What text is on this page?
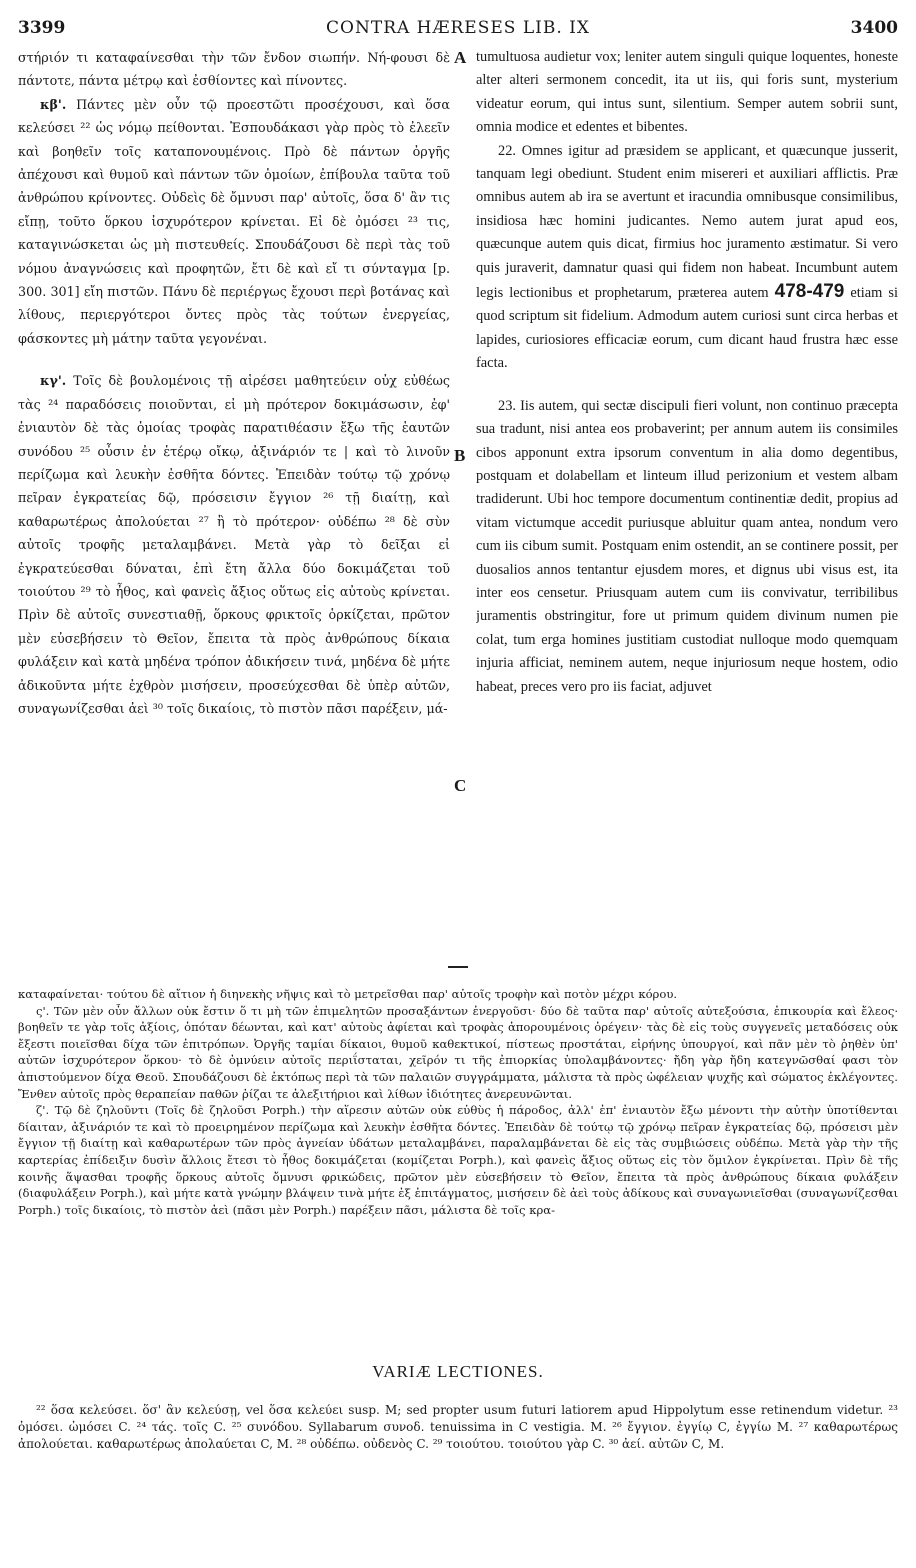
3399	CONTRA HÆRESES LIB. IX	3400

στήριόν τι καταφαίνεσθαι τὴν τῶν ἔνδον σιωπήν. Νή-φουσι δὲ πάντοτε, πάντα μέτρῳ καὶ ἐσθίοντες καὶ πίνοντες.

κβ'. Πάντες μὲν οὖν τῷ προεστῶτι προσέχουσι, καὶ ὅσα κελεύσει ²² ὡς νόμῳ πείθονται. Ἐσπουδάκασι γὰρ πρὸς τὸ ἐλεεῖν καὶ βοηθεῖν τοῖς καταπονουμένοις. Πρὸ δὲ πάντων ὀργῆς ἀπέχουσι καὶ θυμοῦ καὶ πάντων τῶν ὁμοίων, ἐπίβουλα ταῦτα τοῦ ἀνθρώπου κρίνοντες. Οὐδεὶς δὲ ὄμνυσι παρ' αὐτοῖς, ὅσα δ' ἂν τις εἴπῃ, τοῦτο ὅρκου ἰσχυρότερον κρίνεται. Εἰ δὲ ὀμόσει ²³ τις, καταγινώσκεται ὡς μὴ πιστευθείς. Σπουδάζουσι δὲ περὶ τὰς τοῦ νόμου ἀναγνώσεις καὶ προφητῶν, ἔτι δὲ καὶ εἴ τι σύνταγμα [p. 300. 301] εἴη πιστῶν. Πάνυ δὲ περιέργως ἔχουσι περὶ βοτάνας καὶ λίθους, περιεργότεροι ὄντες πρὸς τὰς τούτων ἐνεργείας, φάσκοντες μὴ μάτην ταῦτα γεγονέναι.

κγ'. Τοῖς δὲ βουλομένοις τῇ αἱρέσει μαθητεύειν οὐχ εὐθέως τὰς ²⁴ παραδόσεις ποιοῦνται, εἰ μὴ πρότερον δοκιμάσωσιν, ἐφ' ἐνιαυτὸν δὲ τὰς ὁμοίας τροφὰς παρατιθέασιν ἔξω τῆς ἑαυτῶν συνόδου ²⁵ οὖσιν ἐν ἑτέρῳ οἴκῳ, ἀξινάριόν τε | καὶ τὸ λινοῦν περίζωμα καὶ λευκὴν ἐσθῆτα δόντες. Ἐπειδὰν τούτῳ τῷ χρόνῳ πεῖραν ἐγκρατείας δῷ, πρόσεισιν ἔγγιον ²⁶ τῇ διαίτῃ, καὶ καθαρωτέρως ἀπολούεται ²⁷ ἢ τὸ πρότερον· οὐδέπω ²⁸ δὲ σὺν αὐτοῖς τροφῆς μεταλαμβάνει. Μετὰ γὰρ τὸ δεῖξαι εἰ ἐγκρατεύεσθαι δύναται, ἐπὶ ἔτη ἄλλα δύο δοκιμάζεται τοῦ τοιούτου ²⁹ τὸ ἦθος, καὶ φανεὶς ἄξιος οὕτως εἰς αὐτοὺς κρίνεται. Πρὶν δὲ αὐτοῖς συνεστιαθῇ, ὅρκους φρικτοῖς ὁρκίζεται, πρῶτον μὲν εὐσεβήσειν τὸ Θεῖον, ἔπειτα τὰ πρὸς ἀνθρώπους δίκαια φυλάξειν καὶ κατὰ μηδένα τρόπον ἀδικήσειν τινά, μηδένα δὲ μήτε ἀδικοῦντα μήτε ἐχθρὸν μισήσειν, προσεύχεσθαι δὲ ὑπὲρ αὐτῶν, συναγωνίζεσθαι ἀεὶ ³⁰ τοῖς δικαίοις, τὸ πιστὸν πᾶσι παρέξειν, μά-

tumultuosa audietur vox; leniter autem singuli quique loquentes, honeste alter alteri sermonem concedit, ita ut iis, qui foris sunt, mysterium videatur eorum, qui intus sunt, silentium. Semper autem sobrii sunt, omnia modice et edentes et bibentes.

22. Omnes igitur ad præsidem se applicant, et quæcunque jusserit, tanquam legi obediunt. Student enim misereri et auxiliari afflictis. Præ omnibus autem ab ira se avertunt et iracundia omnibusque consimilibus, insidiosa hæc homini judicantes. Nemo autem jurat apud eos, quæcunque autem quis dicat, firmius hoc juramento æstimatur. Si vero quis juraverit, damnatur quasi qui fidem non habeat. Incumbunt autem legis lectionibus et prophetarum, præterea autem 478-479 etiam si quod scriptum sit fidelium. Admodum autem curiosi sunt circa herbas et lapides, curiosiores efficaciæ eorum, cum dicant haud frustra hæc esse facta.

23. Iis autem, qui sectæ discipuli fieri volunt, non continuo præcepta sua tradunt, nisi antea eos probaverint; per annum autem iis consimiles cibos apponunt extra ipsorum conventum in alia domo degentibus, postquam et dolabellam et linteum illud perizonium et vestem albam tradiderunt. Ubi hoc tempore documentum continentiæ dedit, propius ad vitam victumque accedit puriusque abluitur quam antea, nondum vero cum iis cibum sumit. Postquam enim ostendit, an se continere possit, per duosalios annos tentantur ejusdem mores, et dignus ubi visus est, ita inter eos censetur. Priusquam autem cum iis convivatur, terribilibus juramentis obstringitur, fore ut primum quidem divinum numen pie colat, tum erga homines justitiam custodiat nulloque modo quemquam injuria afficiat, neminem autem, neque injuriosum neque hostem, odio habeat, preces vero pro iis faciat, adjuvet

A
B
C

καταφαίνεται· τούτου δὲ αἴτιον ἡ διηνεκὴς νῆψις καὶ τὸ μετρεῖσθαι παρ' αὐτοῖς τροφὴν καὶ ποτὸν μέχρι κόρου.

ς'. Τῶν μὲν οὖν ἄλλων οὐκ ἔστιν ὅ τι μὴ τῶν ἐπιμελητῶν προσαξάντων ἐνεργοῦσι· δύο δὲ ταῦτα παρ' αὐτοῖς αὐτεξούσια, ἐπικουρία καὶ ἔλεος· βοηθεῖν τε γὰρ τοῖς ἀξίοις, ὁπόταν δέωνται, καὶ κατ' αὐτοὺς ἀφίεται καὶ τροφὰς ἀπορουμένοις ὀρέγειν· τὰς δὲ εἰς τοὺς συγγενεῖς μεταδόσεις οὐκ ἔξεστι ποιεῖσθαι δίχα τῶν ἐπιτρόπων. Ὀργῆς ταμίαι δίκαιοι, θυμοῦ καθεκτικοί, πίστεως προστάται, εἰρήνης ὑπουργοί, καὶ πᾶν μὲν τὸ ῥηθὲν ὑπ' αὐτῶν ἰσχυρότερον ὅρκου· τὸ δὲ ὀμνύειν αὐτοῖς περιΐσταται, χεῖρόν τι τῆς ἐπιορκίας ὑπολαμβάνοντες· ἤδη γὰρ ἤδη κατεγνῶσθαί φασι τὸν ἀπιστούμενον δίχα Θεοῦ. Σπουδάζουσι δὲ ἐκτόπως περὶ τὰ τῶν παλαιῶν συγγράμματα, μάλιστα τὰ πρὸς ὠφέλειαν ψυχῆς καὶ σώματος ἐκλέγοντες. Ἔνθεν αὐτοῖς πρὸς θεραπείαν παθῶν ῥίζαι τε ἀλεξιτήριοι καὶ λίθων ἰδιότητες ἀνερευνῶνται.

ζ'. Τῷ δὲ ζηλοῦντι (Τοῖς δὲ ζηλοῦσι Porph.) τὴν αἵρεσιν αὐτῶν οὐκ εὐθὺς ἡ πάροδος, ἀλλ' ἐπ' ἐνιαυτὸν ἔξω μένοντι τὴν αὐτὴν ὑποτίθενται δίαιταν, ἀξινάριόν τε καὶ τὸ προειρημένον περίζωμα καὶ λευκὴν ἐσθῆτα δόντες. Ἐπειδὰν δὲ τούτῳ τῷ χρόνῳ πεῖραν ἐγκρατείας δῷ, πρόσεισι μὲν ἔγγιον τῇ διαίτῃ καὶ καθαρωτέρων τῶν πρὸς ἁγνείαν ὑδάτων μεταλαμβάνει, παραλαμβάνεται δὲ εἰς τὰς συμβιώσεις οὐδέπω. Μετὰ γὰρ τὴν τῆς καρτερίας ἐπίδειξιν δυσὶν ἄλλοις ἔτεσι τὸ ἦθος δοκιμάζεται (κομίζεται Porph.), καὶ φανεὶς ἄξιος οὕτως εἰς τὸν ὅμιλον ἐγκρίνεται. Πρὶν δὲ τῆς κοινῆς ἅψασθαι τροφῆς ὅρκους αὐτοῖς ὄμνυσι φρικώδεις, πρῶτον μὲν εὐσεβήσειν τὸ Θεῖον, ἔπειτα τὰ πρὸς ἀνθρώπους δίκαια φυλάξειν (διαφυλάξειν Porph.), καὶ μήτε κατὰ γνώμην βλάψειν τινὰ μήτε ἐξ ἐπιτάγματος, μισήσειν δὲ ἀεὶ τοὺς ἀδίκους καὶ συναγωνιεῖσθαι (συναγωνίζεσθαι Porph.) τοῖς δικαίοις, τὸ πιστὸν ἀεὶ (πᾶσι μὲν Porph.) παρέξειν πᾶσι, μάλιστα δὲ τοῖς κρα-

VARIÆ LECTIONES.

²² ὅσα κελεύσει. ὅσ' ἂν κελεύσῃ, vel ὅσα κελεύει susp. M; sed propter usum futuri latiorem apud Hippolytum esse retinendum videtur. ²³ ὀμόσει. ὠμόσει C. ²⁴ τάς. τοῖς C. ²⁵ συνόδου. Syllabarum συνοδ. tenuissima in C vestigia. M. ²⁶ ἔγγιον. ἐγγίῳ C, ἐγγίω M. ²⁷ καθαρωτέρως ἀπολούεται. καθαρωτέρως ἀπολαύεται C, M. ²⁸ οὐδέπω. οὐδενὸς C. ²⁹ τοιούτου. τοιούτου γὰρ C. ³⁰ ἀεί. αὐτῶν C, M.
